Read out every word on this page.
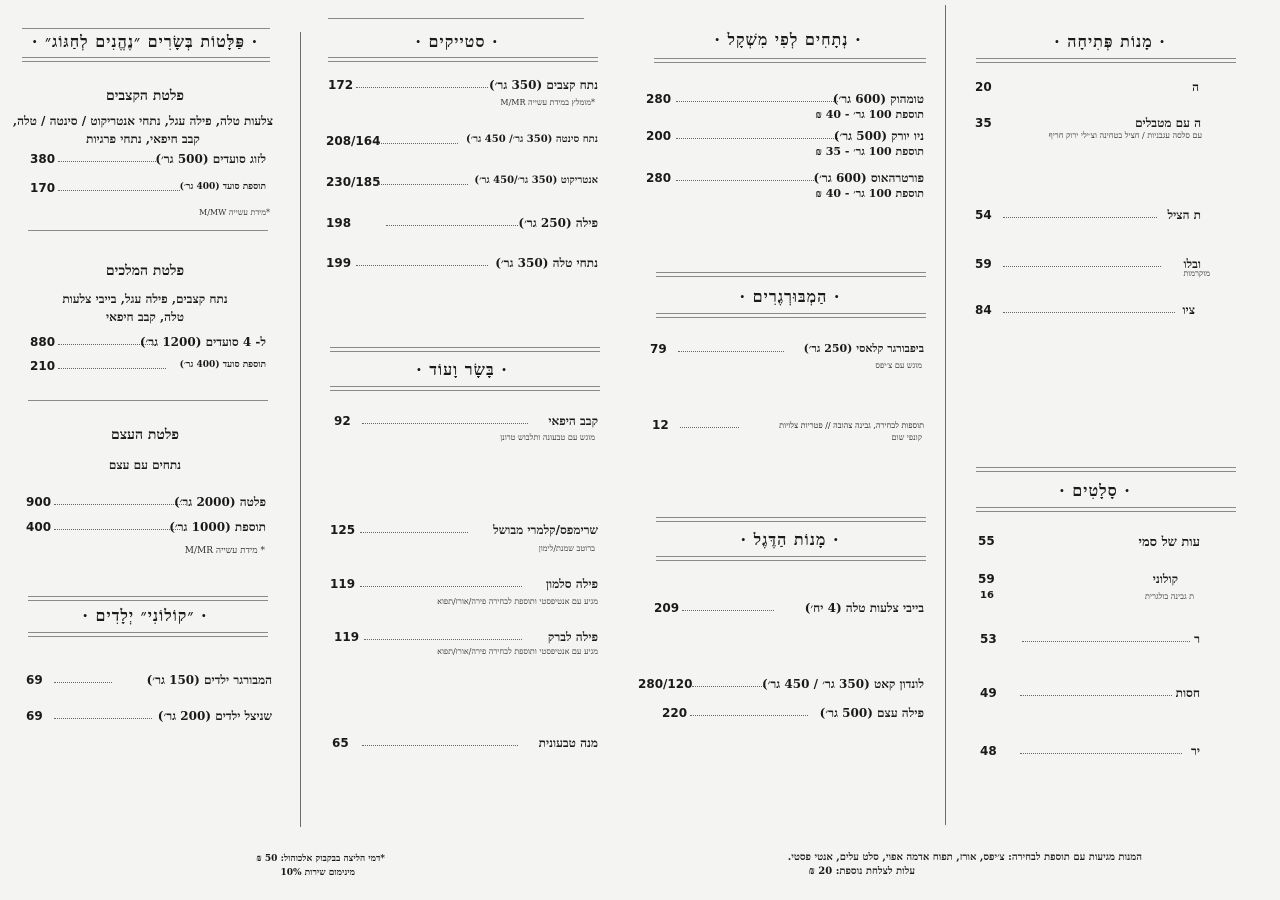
· פַּלָּטוֹת בְּשָׂרִים ״נֶהֱנִים לְחַגּוֹג״ ·
פלטת הקצבים
צלעות טלה, פילה עגל, נתחי אנטריקוט / סינטה / טלה, קבב חיפאי, נתחי פרגיות
380	לזוג סועדים (500 גר׳)
170	תוספת סועד (400 גר׳)
*מידת עשייה M/MW
פלטת המלכים
נתח קצבים, פילה עגל, בייבי צלעות טלה, קבב חיפאי
880	ל- 4 סועדים (1200 גר׳)
210	תוספת סועד (400 גר׳)
פלטת העצם
נתחים עם עצם
900	פלטה (2000 גר׳)
400	תוספת (1000 גר׳)
* מידת עשייה M/MR
· ״קוֹלוֹנִי״ יְלָדִים ·
69	המבורגר ילדים (150 גר׳)
69	שניצל ילדים (200 גר׳)
*דמי הליצה בבקבוק אלכוהול: 50 ₪
מינימום שירות 10%
· סטייקים ·
172	נתח קצבים (350 גר׳)
*מומלץ במידת עשייה M/MR
208/164	נתח סינטה (350 גר׳/ 450 גר׳)
230/185	אנטריקוט (350 גר׳/450 גר׳)
198	פילה (250 גר׳)
199	נתחי טלה (350 גר׳)
· בָּשָׂר וָעוֹד ·
92	קבב היפאי
מוגש עם טבעונה ותלבוש טרונן
125	שרימפס/קלמרי מבושל
ברוטב שמנת/לימון
119	פילה סלמון
מגיע עם אנטיפסטי ותוספת לבחירה פירה/אורז/תפוא
119	פילה לברק
מגיע עם אנטיפסטי ותוספת לבחירה פירה/אורז/תפוא
65	מנה טבעונית
· נְתָחִים לְפִי מִשְׁקָל ·
280	טומהוק (600 גר׳)
תוספת 100 גר׳ - 40 ₪
200	ניו יורק (500 גר׳)
תוספת 100 גר׳ - 35 ₪
280	פורטרהאוס (600 גר׳)
תוספת 100 גר׳ - 40 ₪
· הַמְבּוּרְגֶרִים ·
79	ביפבורגר קלאסי (250 גר׳)
מוגש עם צ׳יפס
12	תוספות לבחירה, גבינה צהובה // פטריות צלויות
קונפי שום
· מָנוֹת הַדֶּגֶל ·
209	בייבי צלעות טלה (4 יח׳)
280/120	לונדון קאט (350 גר׳ / 450 גר׳)
220	פילה עצם (500 גר׳)
המנות מגיעות עם תוספת לבחירה: צ׳יפס, אורז, תפוח אדמה אפוי, סלט עלים, אנטי פסטי.
עלות לצלחת נוספת: 20 ₪
· מָנוֹת פְּתִיחָה ·
20	ה
35	ה עם מטבלים
עם סלסה עגבניות / חציל בטחינה וצ׳ילי ירוק חריף
54	ת הציל
59	ובלו
מוקרמות
84	ציו
· סָלָטִים ·
55	עות של סמי
59	קולוני
16	ת גבינה בולגרית
53	ר
49	חסות
48	יר
